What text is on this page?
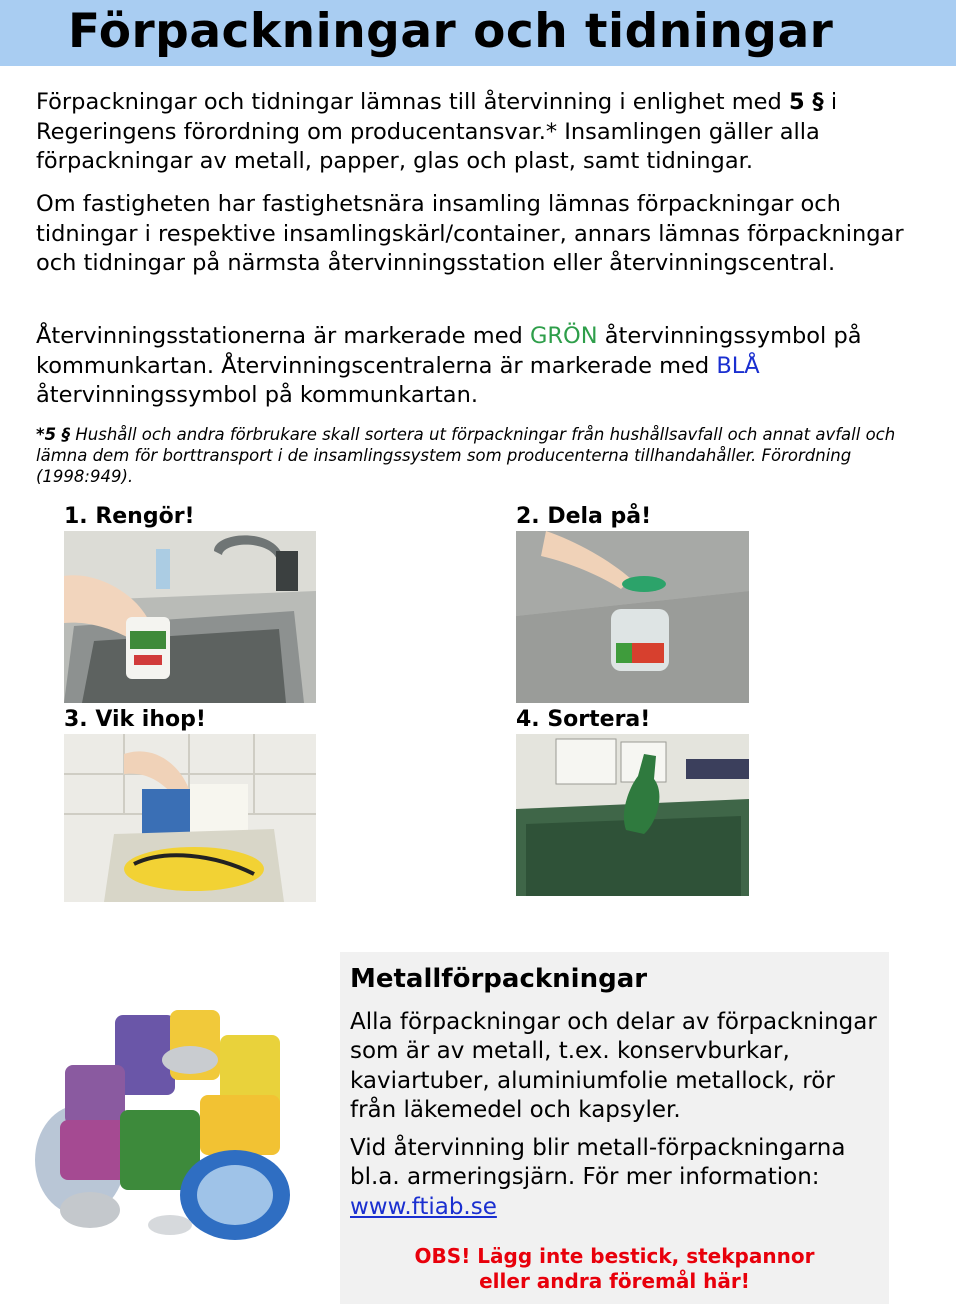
Förpackningar och tidningar

Förpackningar och tidningar lämnas till återvinning i enlighet med 5 § i Regeringens förordning om producentansvar.* Insamlingen gäller alla förpackningar av metall, papper, glas och plast, samt tidningar.

Om fastigheten har fastighetsnära insamling lämnas förpackningar och tidningar i respektive insamlingskärl/container, annars lämnas förpackningar och tidningar på närmsta återvinningsstation eller återvinningscentral.

Återvinningsstationerna är markerade med GRÖN återvinningssymbol på kommunkartan. Återvinningscentralerna är markerade med BLÅ återvinningssymbol på kommunkartan.

*5 § Hushåll och andra förbrukare skall sortera ut förpackningar från hushållsavfall och annat avfall och lämna dem för borttransport i de insamlingssystem som producenterna tillhandahåller. Förordning (1998:949).

1. Rengör!	2. Dela på!
3. Vik ihop!	4. Sortera!
Metallförpackningar

Alla förpackningar och delar av förpackningar som är av metall, t.ex. konservburkar, kaviartuber, aluminiumfolie metallock, rör från läkemedel och kapsyler.

Vid återvinning blir metall-förpackningarna bl.a. armeringsjärn. För mer information: www.ftiab.se

OBS! Lägg inte bestick, stekpannor

eller andra föremål här!
